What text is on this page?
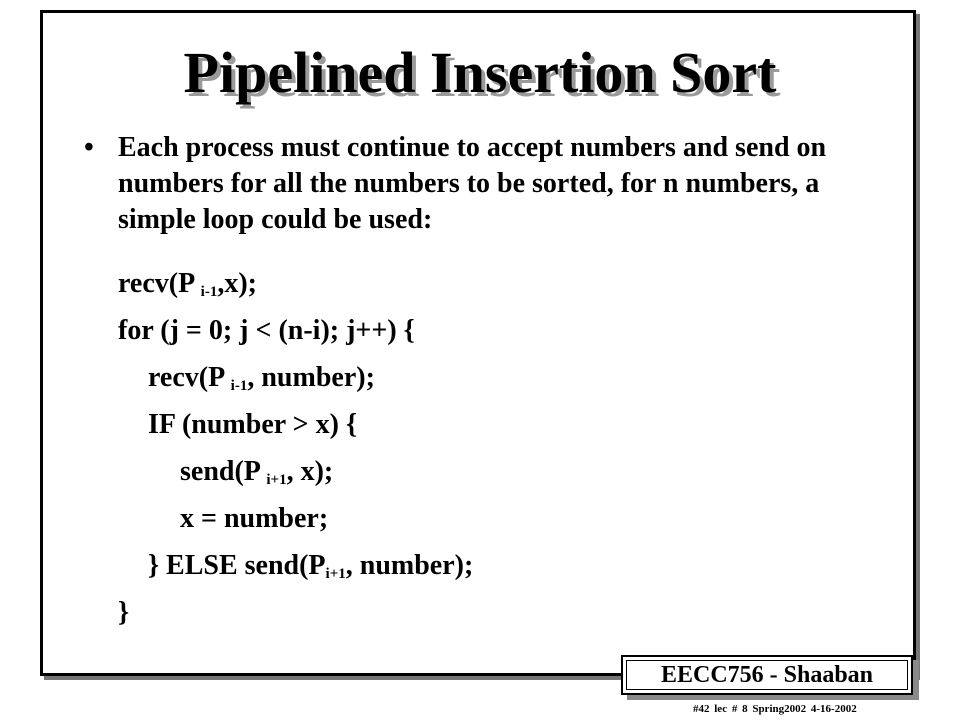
Pipelined Insertion Sort
• Each process must continue to accept numbers and send on numbers for all the numbers to be sorted, for n numbers, a simple loop could be used:
recv(P $_{i-1}$,x);
for (j = 0; j < (n-i); j++) {
recv(P $_{i-1}$, number);
IF (number > x) {
send(P $_{i+1}$, x);
x = number;
} ELSE $send(P_{i+1}$, number);
}
EECC756 - Shaaban
#42 lec # 8 Spring2002 4-16-2002
